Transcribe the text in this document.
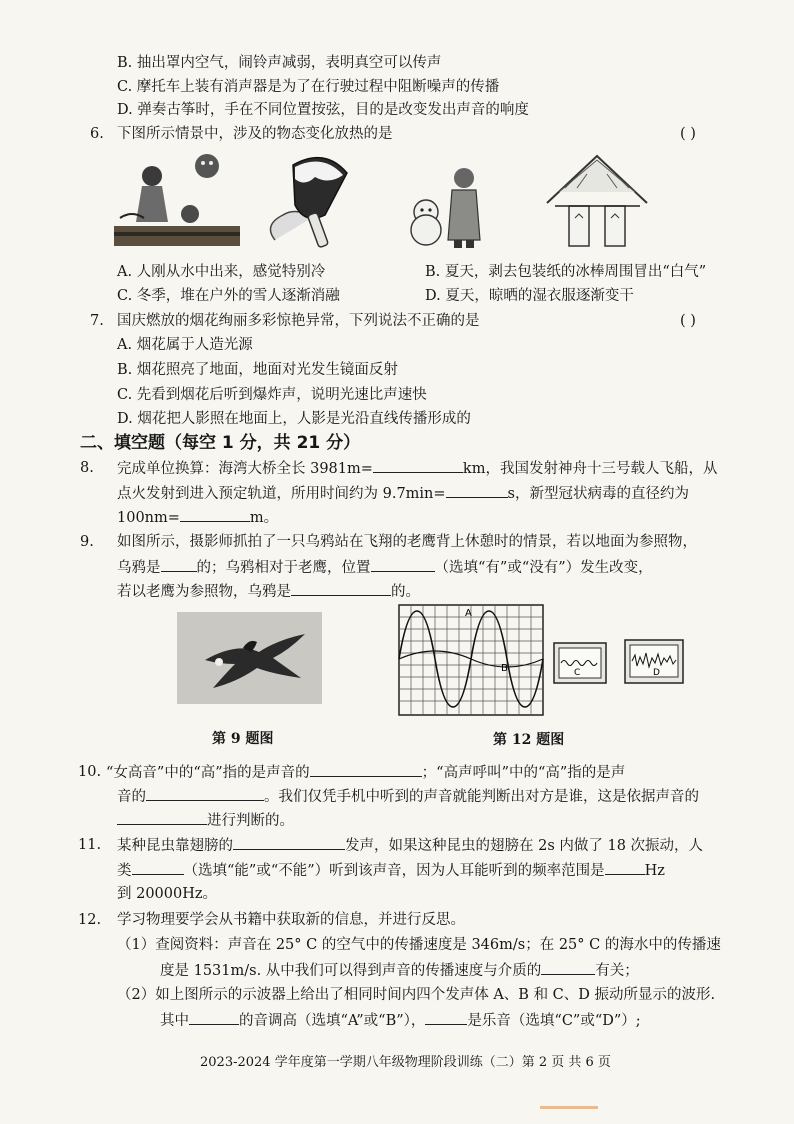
B. 抽出罩内空气，闹铃声减弱，表明真空可以传声
C. 摩托车上装有消声器是为了在行驶过程中阻断噪声的传播
D. 弹奏古筝时，手在不同位置按弦，目的是改变发出声音的响度
6. 下图所示情景中，涉及的物态变化放热的是	( )
A. 人刚从水中出来，感觉特别冷	B. 夏天，剥去包装纸的冰棒周围冒出“白气”
C. 冬季，堆在户外的雪人逐渐消融	D. 夏天，晾晒的湿衣服逐渐变干
7. 国庆燃放的烟花绚丽多彩惊艳异常，下列说法不正确的是	( )
A. 烟花属于人造光源
B. 烟花照亮了地面，地面对光发生镜面反射
C. 先看到烟花后听到爆炸声，说明光速比声速快
D. 烟花把人影照在地面上，人影是光沿直线传播形成的
二、填空题（每空 1 分，共 21 分）
8. 完成单位换算：海湾大桥全长 3981m=	km，我国发射神舟十三号载人飞船，从
点火发射到进入预定轨道，所用时间约为 9.7min=	s，新型冠状病毒的直径约为
100nm=	m。
9. 如图所示，摄影师抓拍了一只乌鸦站在飞翔的老鹰背上休憩时的情景，若以地面为参照物，
乌鸦是 的；乌鸦相对于老鹰，位置	（选填“有”或“没有”）发生改变，
若以老鹰为参照物，乌鸦是	的。
A
B	C	D
第 9 题图	第 12 题图
10. “女高音”中的“高”指的是声音的	；“高声呼叫”中的“高”指的是声
音的	。我们仅凭手机中听到的声音就能判断出对方是谁，这是依据声音的
进行判断的。
11. 某种昆虫靠翅膀的	发声，如果这种昆虫的翅膀在 2s 内做了 18 次振动，人
类	（选填“能”或“不能”）听到该声音，因为人耳能听到的频率范围是	Hz
到 20000Hz。
12. 学习物理要学会从书籍中获取新的信息，并进行反思。
（1）查阅资料：声音在 25° C 的空气中的传播速度是 346m/s；在 25° C 的海水中的传播速
度是 1531m/s. 从中我们可以得到声音的传播速度与介质的	有关；
（2）如上图所示的示波器上给出了相同时间内四个发声体 A、B 和 C、D 振动所显示的波形.
其中	的音调高（选填“A”或“B”），	是乐音（选填“C”或“D”）;
2023-2024 学年度第一学期八年级物理阶段训练（二）第 2 页 共 6 页
